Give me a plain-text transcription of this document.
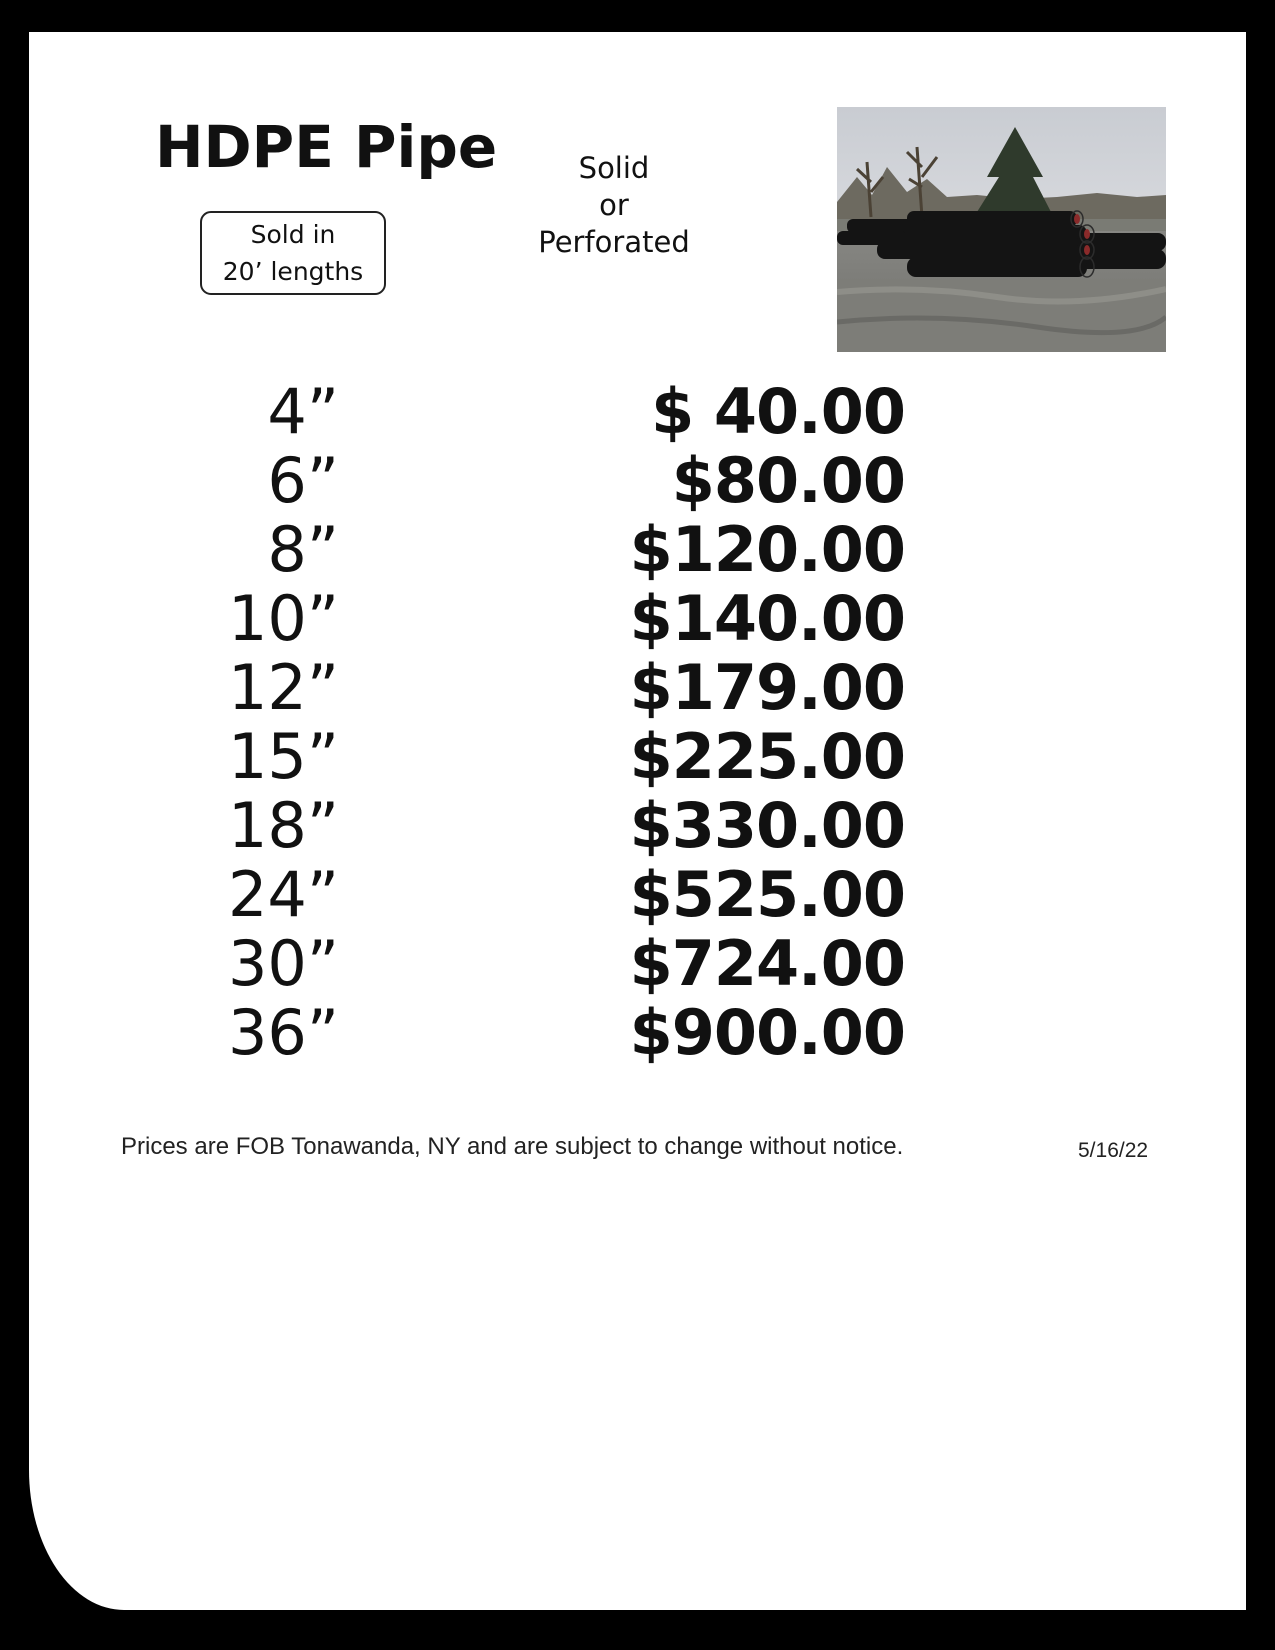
HDPE Pipe
Sold in
20’ lengths
Solid
or
Perforated
4”	$ 40.00
6”	$80.00
8”	$120.00
10”	$140.00
12”	$179.00
15”	$225.00
18”	$330.00
24”	$525.00
30”	$724.00
36”	$900.00
Prices are FOB Tonawanda, NY and are subject to change without notice.	5/16/22
